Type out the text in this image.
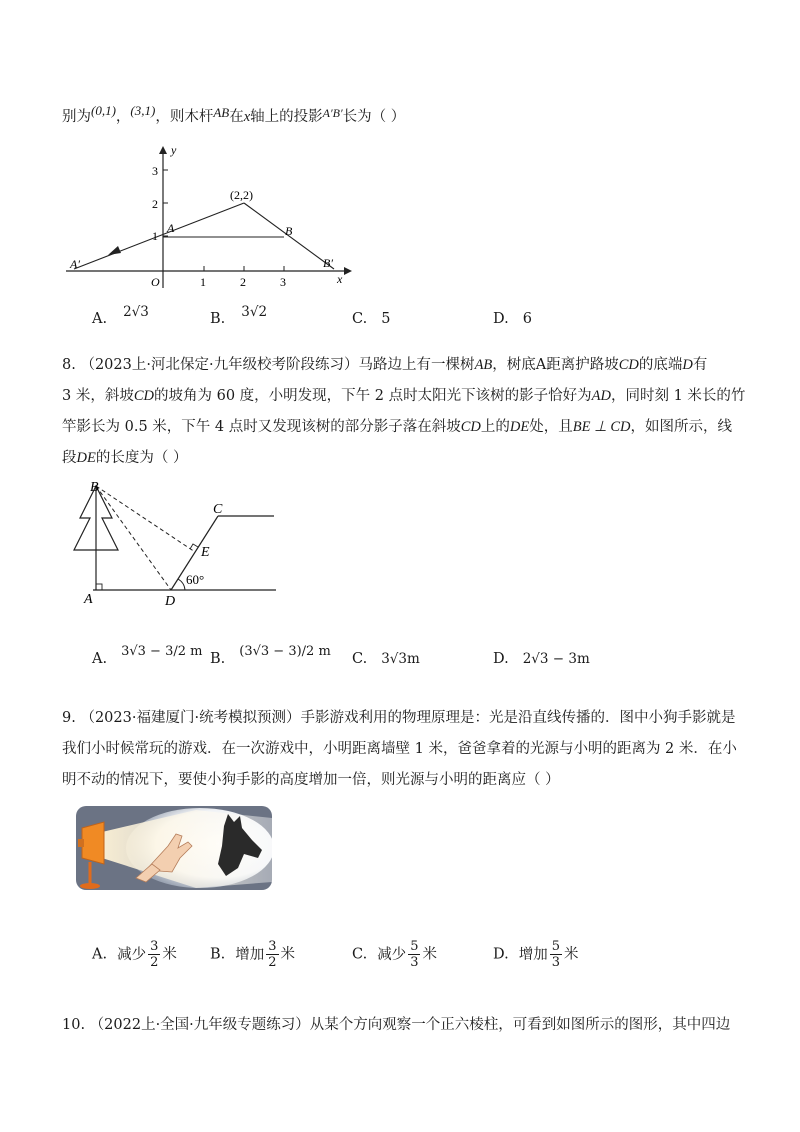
别为(0,1)，(3,1)，则木杆AB在x轴上的投影$^{A'B'}$长为（ ）
y
x
O
1
2
3
1	2	3
(2,2)
A	B
A′	B′
A. 2√3	B. 3√2	C. 5	D. 6
8. （2023上·河北保定·九年级校考阶段练习）马路边上有一棵树AB，树底A距离护路坡CD的底端D有
3 米，斜坡CD的坡角为 60 度，小明发现，下午 2 点时太阳光下该树的影子恰好为AD，同时刻 1 米长的竹
竿影长为 0.5 米，下午 4 点时又发现该树的部分影子落在斜坡CD上的DE处，且BE ⊥ CD，如图所示，线
段DE的长度为（ ）
B
C
E
A	D
60°
A. 3√3 − 3/2 m B. (3√3 − 3)/2 m C. 3√3m	D. 2√3 − 3m
9. （2023·福建厦门·统考模拟预测）手影游戏利用的物理原理是：光是沿直线传播的．图中小狗手影就是
我们小时候常玩的游戏．在一次游戏中，小明距离墙壁 1 米，爸爸拿着的光源与小明的距离为 2 米．在小
明不动的情况下，要使小狗手影的高度增加一倍，则光源与小明的距离应（ ）
A. 减少 $\frac{3}{2}$ 米 B. 增加 $\frac{3}{2}$ 米	C. 减少 $\frac{5}{3}$ 米	D. 增加 $\frac{5}{3}$ 米
10. （2022上·全国·九年级专题练习）从某个方向观察一个正六棱柱，可看到如图所示的图形，其中四边
